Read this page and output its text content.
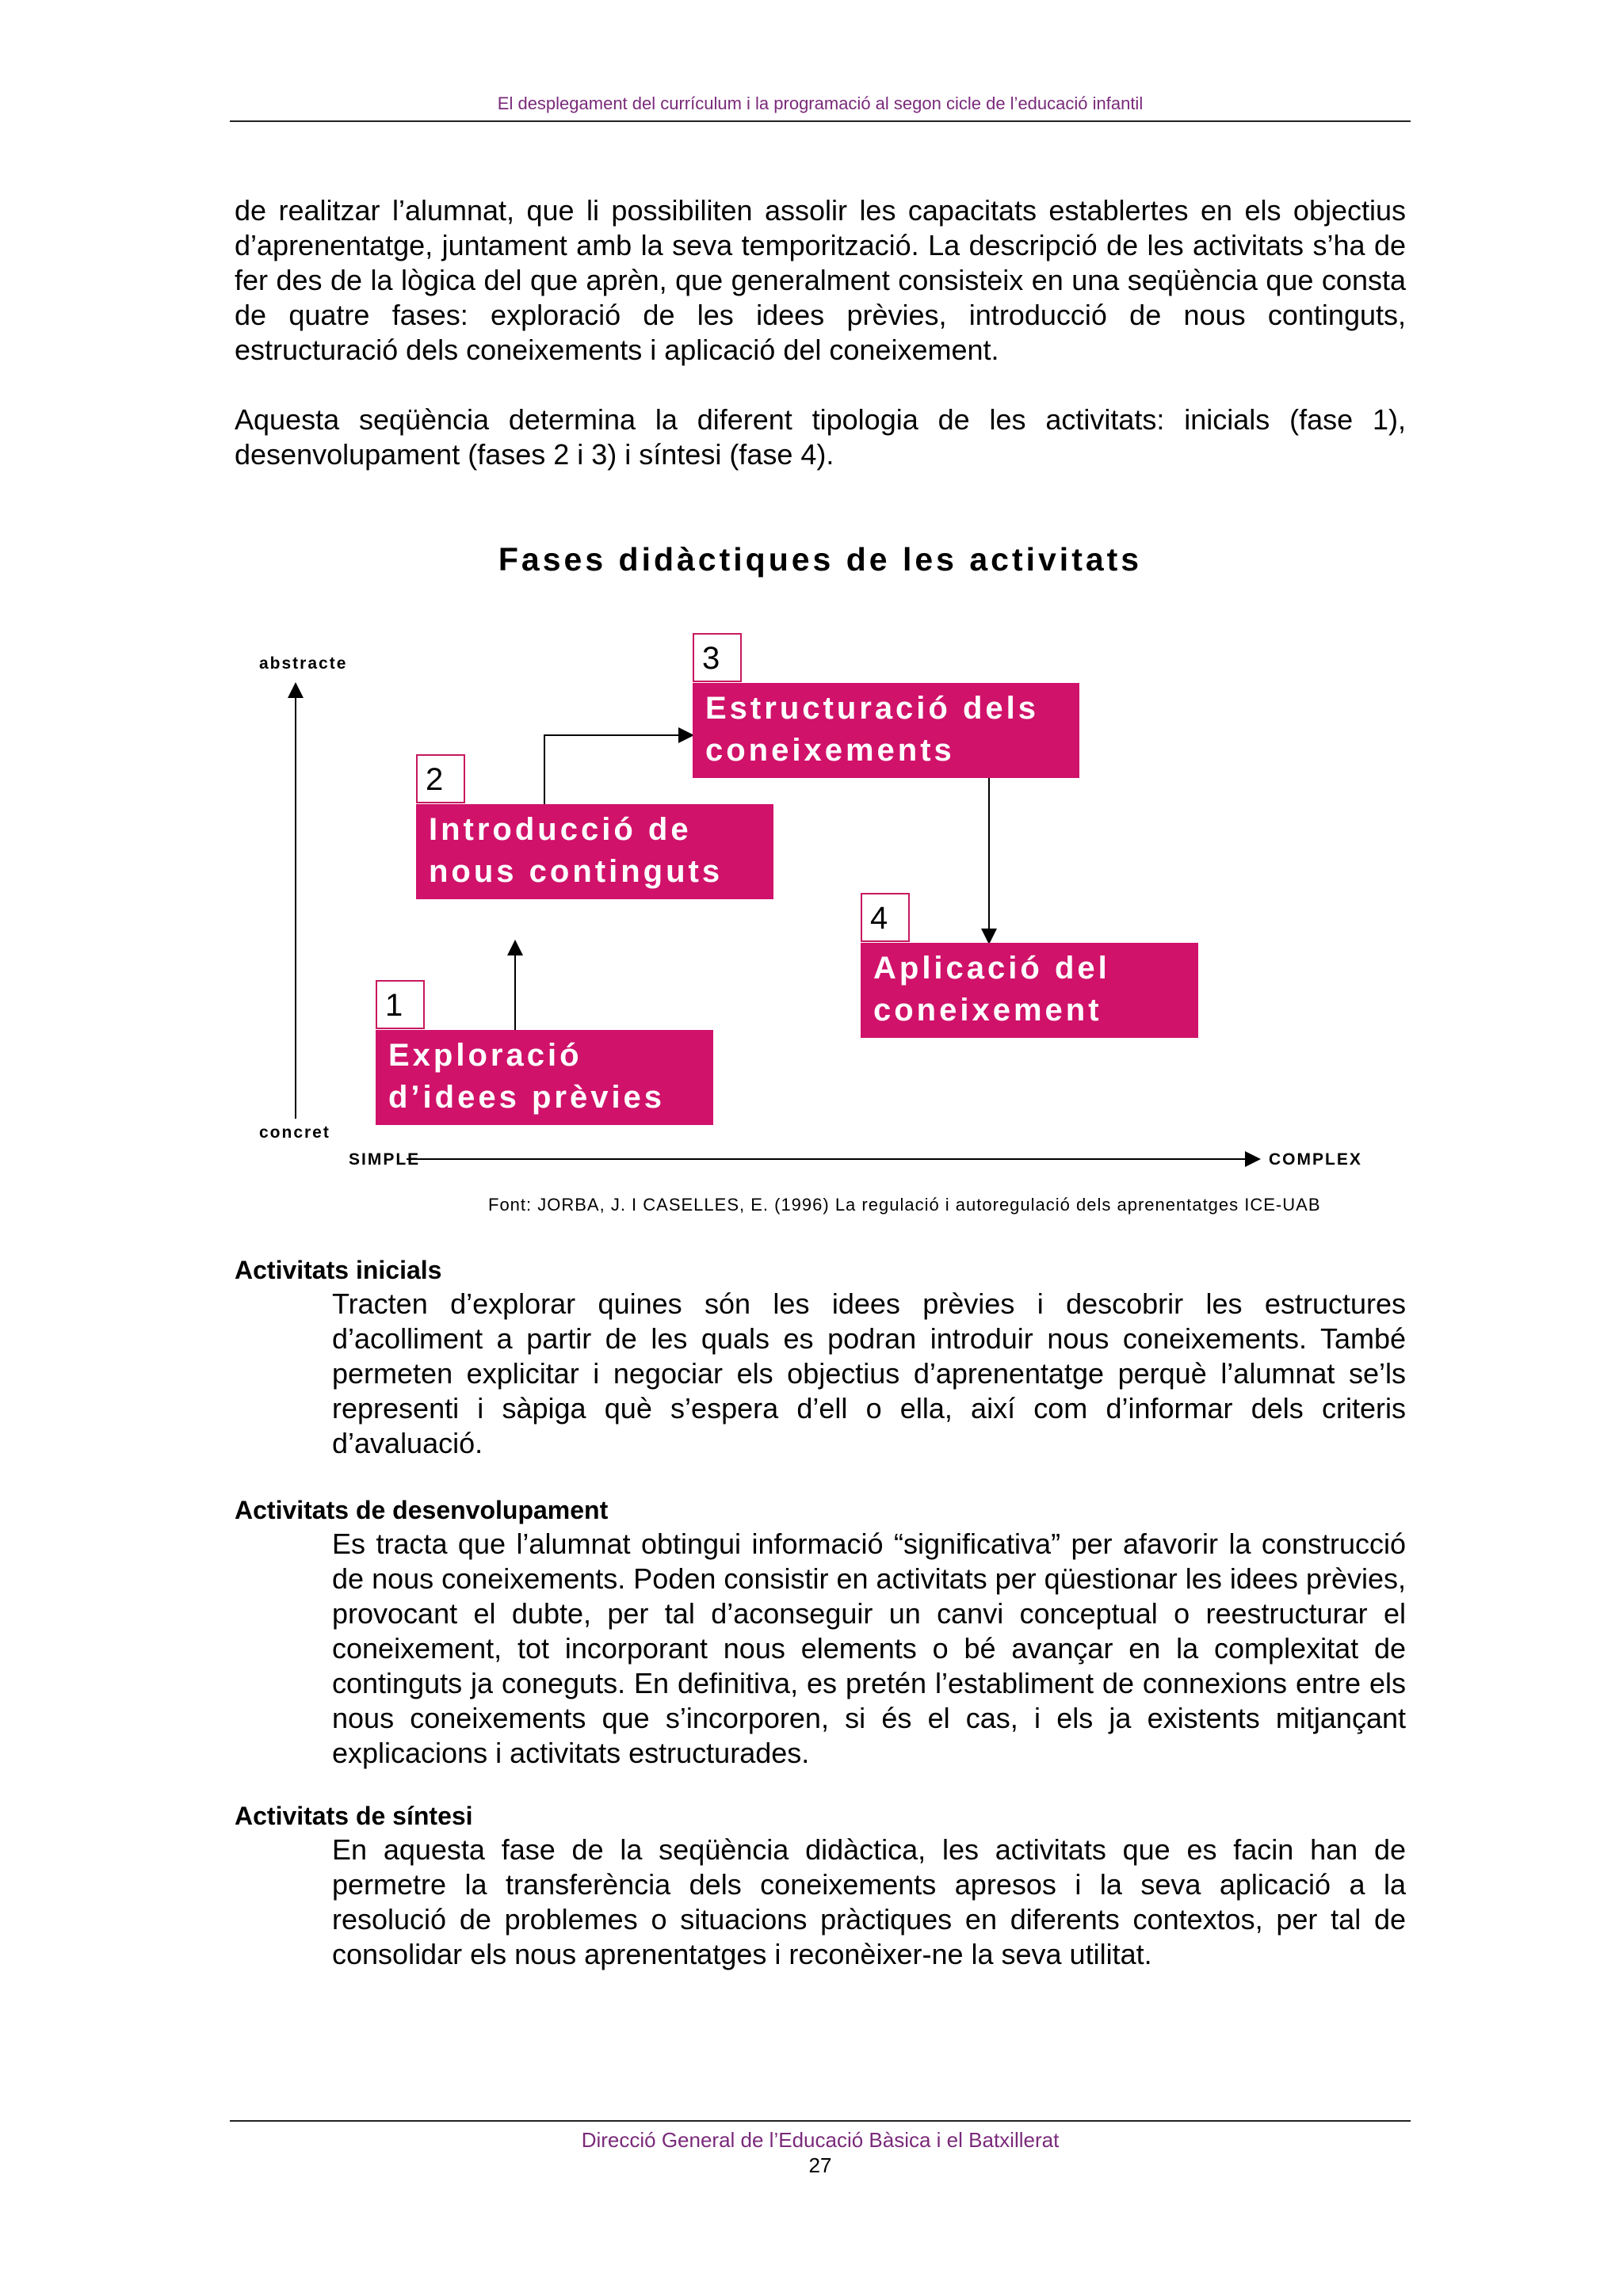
El desplegament del currículum i la programació al segon cicle de l’educació infantil

de realitzar l’alumnat, que li possibiliten assolir les capacitats establertes en els objectius d’aprenentatge, juntament amb la seva temporització. La descripció de les activitats s’ha de fer des de la lògica del que aprèn, que generalment consisteix en una seqüència que consta de quatre fases: exploració de les idees prèvies, introducció de nous continguts, estructuració dels coneixements i aplicació del coneixement.

Aquesta seqüència determina la diferent tipologia de les activitats: inicials (fase 1), desenvolupament (fases 2 i 3) i síntesi (fase 4).

Fases didàctiques de les activitats
abstracte
concret
SIMPLE	COMPLEX
1
Exploració
d’idees prèvies
2
Introducció de
nous continguts
3
Estructuració dels
coneixements
4
Aplicació del
coneixement
Font: JORBA, J. I CASELLES, E. (1996) La regulació i autoregulació dels aprenentatges ICE-UAB
Activitats inicials

Tracten d’explorar quines són les idees prèvies i descobrir les estructures d’acolliment a partir de les quals es podran introduir nous coneixements. També permeten explicitar i negociar els objectius d’aprenentatge perquè l’alumnat se’ls representi i sàpiga què s’espera d’ell o ella, així com d’informar dels criteris d’avaluació.

Activitats de desenvolupament

Es tracta que l’alumnat obtingui informació “significativa” per afavorir la construcció de nous coneixements. Poden consistir en activitats per qüestionar les idees prèvies, provocant el dubte, per tal d’aconseguir un canvi conceptual o reestructurar el coneixement, tot incorporant nous elements o bé avançar en la complexitat de continguts ja coneguts. En definitiva, es pretén l’establiment de connexions entre els nous coneixements que s’incorporen, si és el cas, i els ja existents mitjançant explicacions i activitats estructurades.

Activitats de síntesi

En aquesta fase de la seqüència didàctica, les activitats que es facin han de permetre la transferència dels coneixements apresos i la seva aplicació a la resolució de problemes o situacions pràctiques en diferents contextos, per tal de consolidar els nous aprenentatges i reconèixer-ne la seva utilitat.

Direcció General de l’Educació Bàsica i el Batxillerat
27
